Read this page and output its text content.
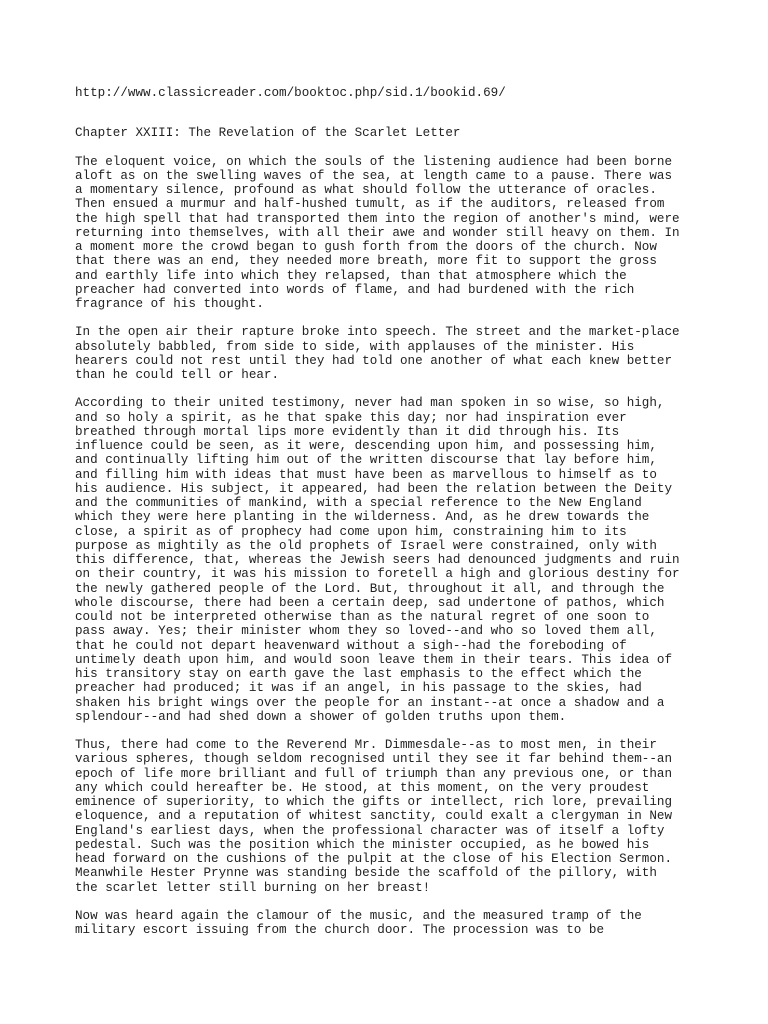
http://www.classicreader.com/booktoc.php/sid.1/bookid.69/
Chapter XXIII: The Revelation of the Scarlet Letter
The eloquent voice, on which the souls of the listening audience had been borne
aloft as on the swelling waves of the sea, at length came to a pause. There was
a momentary silence, profound as what should follow the utterance of oracles.
Then ensued a murmur and half-hushed tumult, as if the auditors, released from
the high spell that had transported them into the region of another's mind, were
returning into themselves, with all their awe and wonder still heavy on them. In
a moment more the crowd began to gush forth from the doors of the church. Now
that there was an end, they needed more breath, more fit to support the gross
and earthly life into which they relapsed, than that atmosphere which the
preacher had converted into words of flame, and had burdened with the rich
fragrance of his thought.
In the open air their rapture broke into speech. The street and the market-place
absolutely babbled, from side to side, with applauses of the minister. His
hearers could not rest until they had told one another of what each knew better
than he could tell or hear.
According to their united testimony, never had man spoken in so wise, so high,
and so holy a spirit, as he that spake this day; nor had inspiration ever
breathed through mortal lips more evidently than it did through his. Its
influence could be seen, as it were, descending upon him, and possessing him,
and continually lifting him out of the written discourse that lay before him,
and filling him with ideas that must have been as marvellous to himself as to
his audience. His subject, it appeared, had been the relation between the Deity
and the communities of mankind, with a special reference to the New England
which they were here planting in the wilderness. And, as he drew towards the
close, a spirit as of prophecy had come upon him, constraining him to its
purpose as mightily as the old prophets of Israel were constrained, only with
this difference, that, whereas the Jewish seers had denounced judgments and ruin
on their country, it was his mission to foretell a high and glorious destiny for
the newly gathered people of the Lord. But, throughout it all, and through the
whole discourse, there had been a certain deep, sad undertone of pathos, which
could not be interpreted otherwise than as the natural regret of one soon to
pass away. Yes; their minister whom they so loved--and who so loved them all,
that he could not depart heavenward without a sigh--had the foreboding of
untimely death upon him, and would soon leave them in their tears. This idea of
his transitory stay on earth gave the last emphasis to the effect which the
preacher had produced; it was if an angel, in his passage to the skies, had
shaken his bright wings over the people for an instant--at once a shadow and a
splendour--and had shed down a shower of golden truths upon them.
Thus, there had come to the Reverend Mr. Dimmesdale--as to most men, in their
various spheres, though seldom recognised until they see it far behind them--an
epoch of life more brilliant and full of triumph than any previous one, or than
any which could hereafter be. He stood, at this moment, on the very proudest
eminence of superiority, to which the gifts or intellect, rich lore, prevailing
eloquence, and a reputation of whitest sanctity, could exalt a clergyman in New
England's earliest days, when the professional character was of itself a lofty
pedestal. Such was the position which the minister occupied, as he bowed his
head forward on the cushions of the pulpit at the close of his Election Sermon.
Meanwhile Hester Prynne was standing beside the scaffold of the pillory, with
the scarlet letter still burning on her breast!
Now was heard again the clamour of the music, and the measured tramp of the
military escort issuing from the church door. The procession was to be
